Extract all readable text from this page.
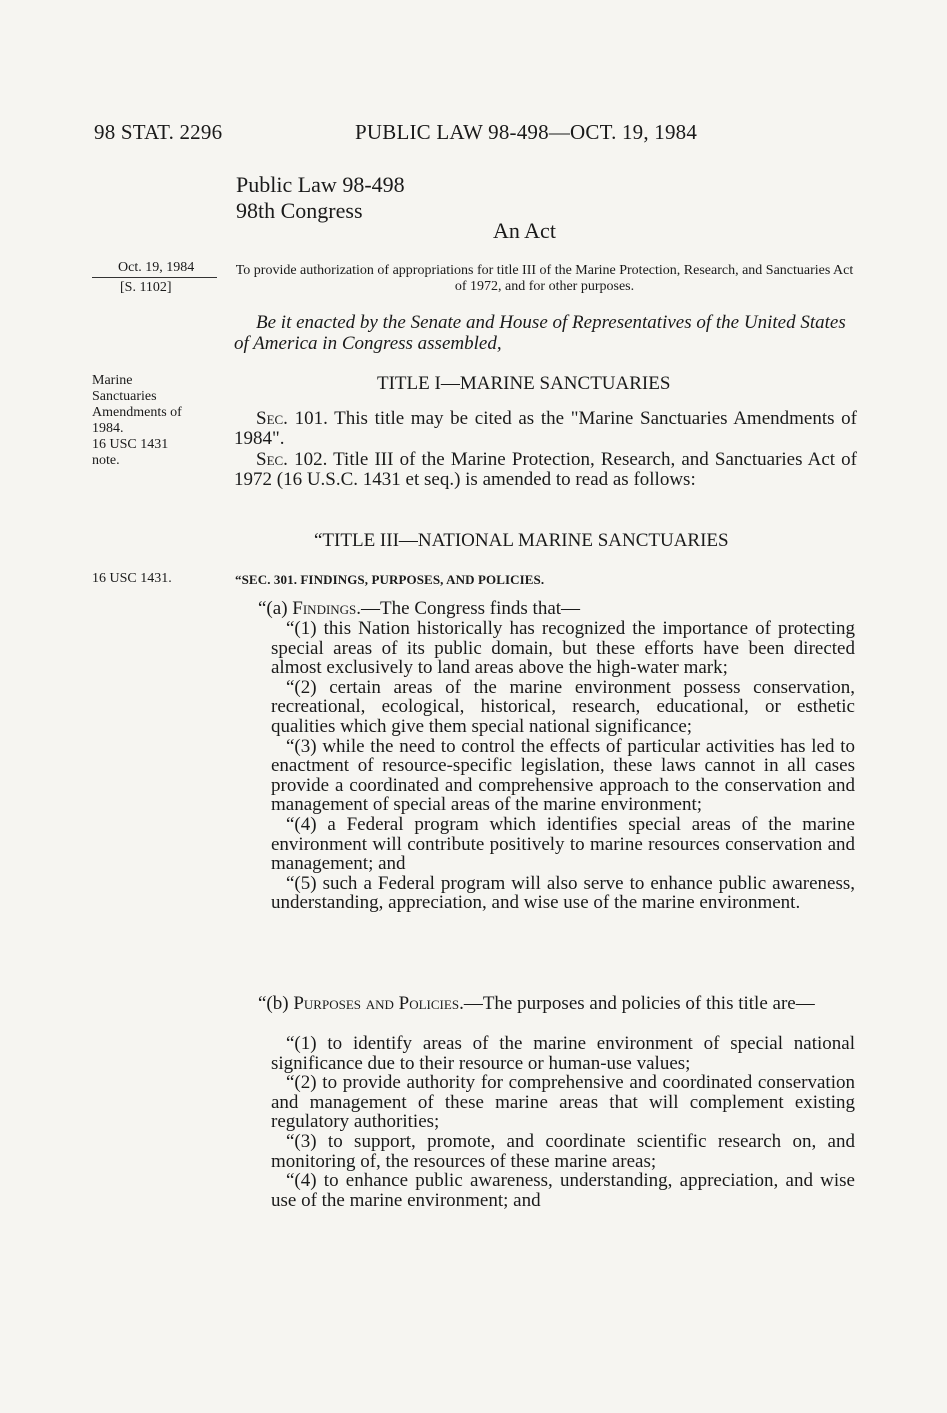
98 STAT. 2296	PUBLIC LAW 98-498—OCT. 19, 1984
Public Law 98-498
98th Congress
An Act
Oct. 19, 1984
[S. 1102]
To provide authorization of appropriations for title III of the Marine Protection, Research, and Sanctuaries Act of 1972, and for other purposes.
Be it enacted by the Senate and House of Representatives of the United States of America in Congress assembled,
Marine
Sanctuaries
Amendments of
1984.
16 USC 1431
note.
TITLE I—MARINE SANCTUARIES
Sec. 101. This title may be cited as the "Marine Sanctuaries Amendments of 1984".
Sec. 102. Title III of the Marine Protection, Research, and Sanctuaries Act of 1972 (16 U.S.C. 1431 et seq.) is amended to read as follows:
“TITLE III—NATIONAL MARINE SANCTUARIES
16 USC 1431.	“SEC. 301. FINDINGS, PURPOSES, AND POLICIES.
“(a) Findings.—The Congress finds that—

“(1) this Nation historically has recognized the importance of protecting special areas of its public domain, but these efforts have been directed almost exclusively to land areas above the high-water mark;

“(2) certain areas of the marine environment possess conservation, recreational, ecological, historical, research, educational, or esthetic qualities which give them special national significance;

“(3) while the need to control the effects of particular activities has led to enactment of resource-specific legislation, these laws cannot in all cases provide a coordinated and comprehensive approach to the conservation and management of special areas of the marine environment;

“(4) a Federal program which identifies special areas of the marine environment will contribute positively to marine resources conservation and management; and

“(5) such a Federal program will also serve to enhance public awareness, understanding, appreciation, and wise use of the marine environment.

“(b) Purposes and Policies.—The purposes and policies of this title are—

“(1) to identify areas of the marine environment of special national significance due to their resource or human-use values;

“(2) to provide authority for comprehensive and coordinated conservation and management of these marine areas that will complement existing regulatory authorities;

“(3) to support, promote, and coordinate scientific research on, and monitoring of, the resources of these marine areas;

“(4) to enhance public awareness, understanding, appreciation, and wise use of the marine environment; and
